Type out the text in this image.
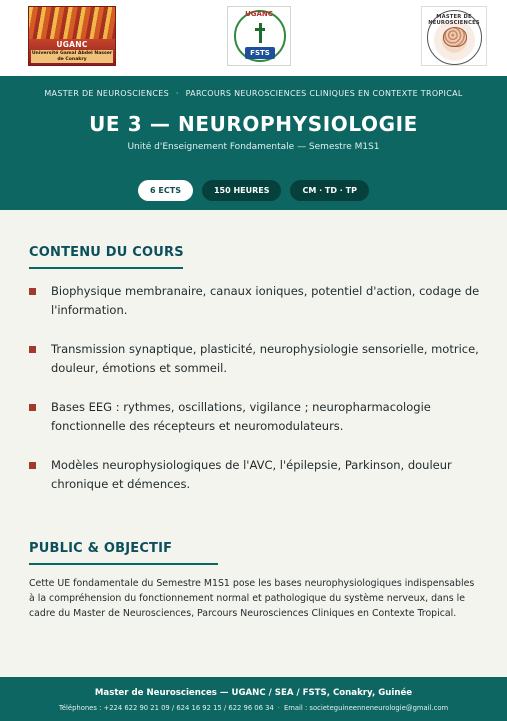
UGANC
Université Gamal Abdel Nasser de Conakry
UGANC
FSTS
MASTER DE NEUROSCIENCES
MASTER DE NEUROSCIENCES · PARCOURS NEUROSCIENCES CLINIQUES EN CONTEXTE TROPICAL
UE 3 — NEUROPHYSIOLOGIE
Unité d'Enseignement Fondamentale — Semestre M1S1
6 ECTS	150 HEURES	CM · TD · TP
CONTENU DU COURS
Biophysique membranaire, canaux ioniques, potentiel d'action, codage de l'information.
Transmission synaptique, plasticité, neurophysiologie sensorielle, motrice, douleur, émotions et sommeil.
Bases EEG : rythmes, oscillations, vigilance ; neuropharmacologie fonctionnelle des récepteurs et neuromodulateurs.
Modèles neurophysiologiques de l'AVC, l'épilepsie, Parkinson, douleur chronique et démences.
PUBLIC & OBJECTIF

Cette UE fondamentale du Semestre M1S1 pose les bases neurophysiologiques indispensables à la compréhension du fonctionnement normal et pathologique du système nerveux, dans le cadre du Master de Neurosciences, Parcours Neurosciences Cliniques en Contexte Tropical.

Master de Neurosciences — UGANC / SEA / FSTS, Conakry, Guinée
Téléphones : +224 622 90 21 09 / 624 16 92 15 / 622 96 06 34 · Email : societeguineenneneurologie@gmail.com
